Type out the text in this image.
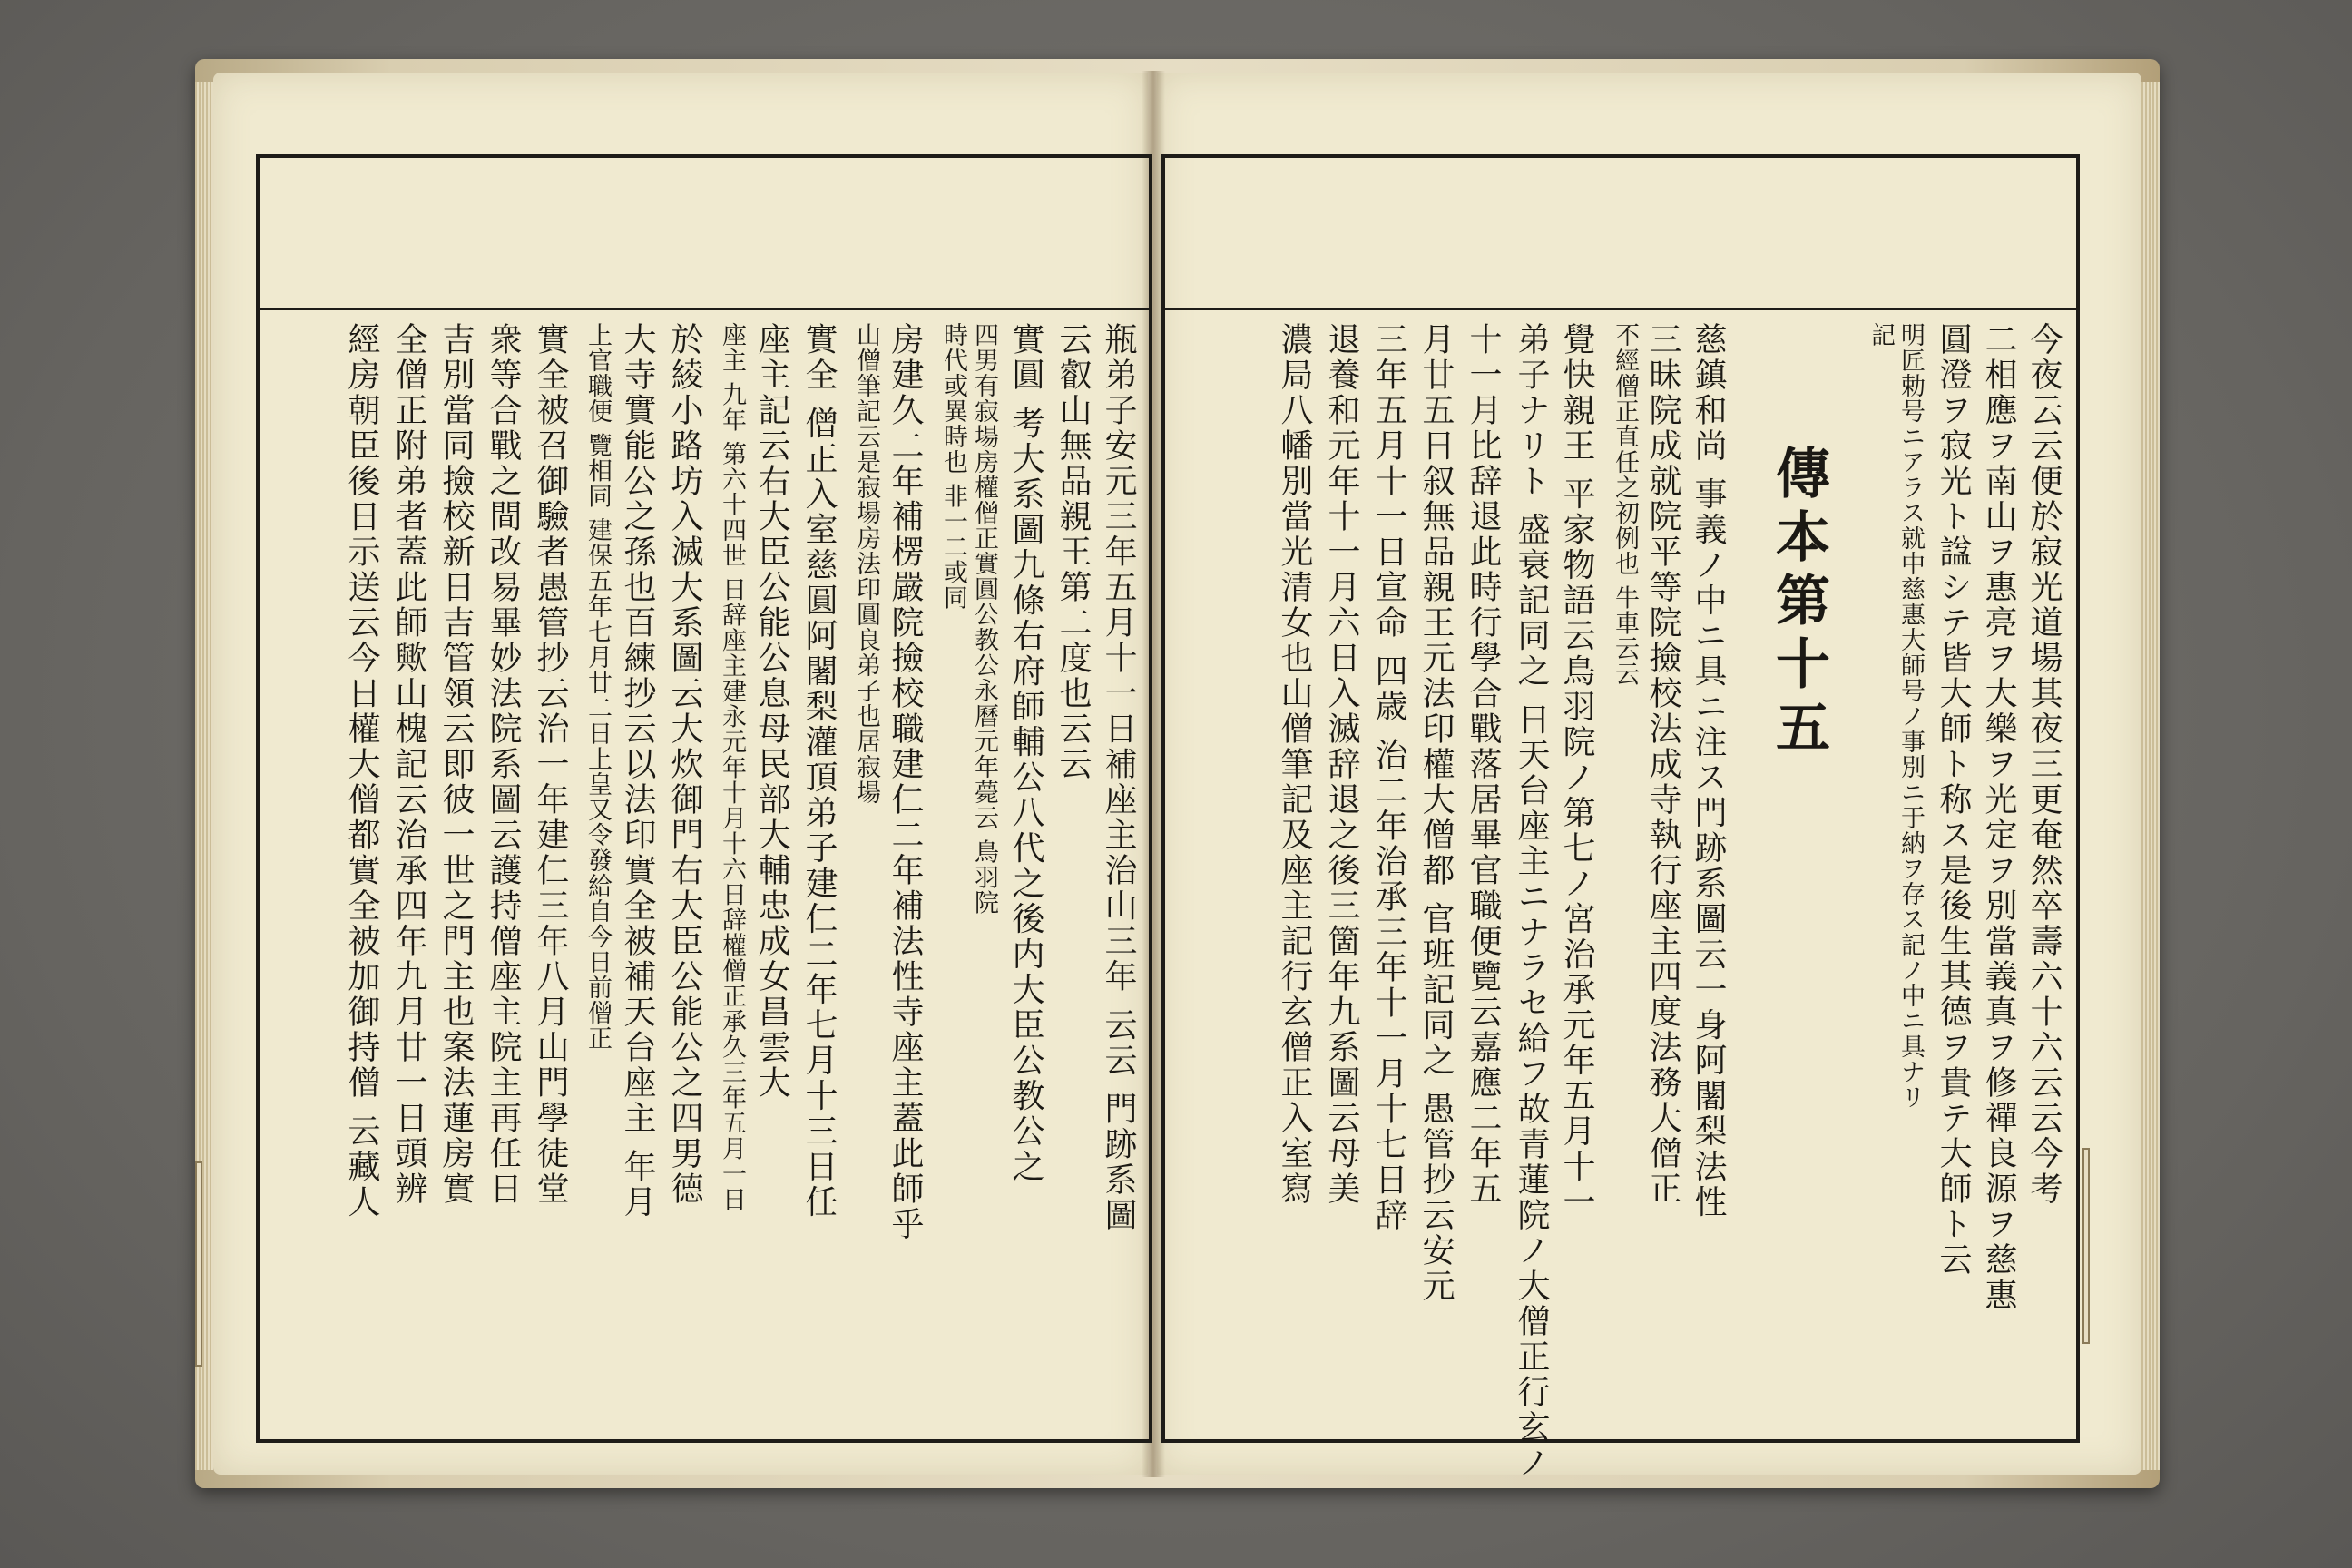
今夜云云便於寂光道場其夜三更奄然卒壽六十六云云今考
二相應ヲ南山ヲ惠亮ヲ大樂ヲ光定ヲ別當義真ヲ修禪良源ヲ慈惠
圓澄ヲ寂光ト諡シテ皆大師ト称ス是後生其德ヲ貴テ大師ト云
明匠勅号ニアラス就中慈惠大師号ノ事別ニ于納ヲ存ス記ノ中ニ具ナリ
記
傳本第十五
慈鎮和尚 事義ノ中ニ具ニ注ス門跡系圖云一身阿闍梨法性
三昧院成就院平等院撿校法成寺執行座主四度法務大僧正
不經僧正直任之初例也 牛車云云
覺快親王 平家物語云鳥羽院ノ第七ノ宮治承元年五月十一
弟子ナリト 盛衰記同之 日天台座主ニナラセ給フ故青蓮院ノ大僧正行玄ノ
十一月比辞退此時行學合戰落居畢官職便覽云嘉應二年五
月廿五日叙無品親王元法印權大僧都 官班記同之 愚管抄云安元
三年五月十一日宣命 四歳 治二年治承三年十一月十七日辞
退養和元年十一月六日入滅辞退之後三箇年九系圖云母美
濃局八幡別當光清女也山僧筆記及座主記行玄僧正入室寫
瓶弟子安元三年五月十一日補座主治山三年 云云 門跡系圖
云叡山無品親王第二度也云云
實圓 考大系圖九條右府師輔公八代之後内大臣公教公之
四男有寂場房權僧正實圓公教公永曆元年薨云 鳥羽院
時代或異時也 非一二或同
房建久二年補楞嚴院撿校職建仁二年補法性寺座主蓋此師乎
山僧筆記云是寂場房法印圓良弟子也居寂場
實全 僧正入室慈圓阿闍梨灌頂弟子建仁二年七月十三日任
座主記云右大臣公能公息母民部大輔忠成女昌雲大
座主 九年 第六十四世 日辞座主建永元年十月十六日辞權僧正承久三年五月一日
於綾小路坊入滅大系圖云大炊御門右大臣公能公之四男德
大寺實能公之孫也百練抄云以法印實全被補天台座主 年月
上官職便 覽相同 建保五年七月廿二日上皇又令發給自今日前僧正
實全被召御驗者愚管抄云治一年建仁三年八月山門學徒堂
衆等合戰之間改易畢妙法院系圖云護持僧座主院主再任日
吉別當同撿校新日吉管領云即彼一世之門主也案法蓮房實
全僧正附弟者蓋此師歟山槐記云治承四年九月廿一日頭辨
經房朝臣後日示送云今日權大僧都實全被加御持僧 云藏人
